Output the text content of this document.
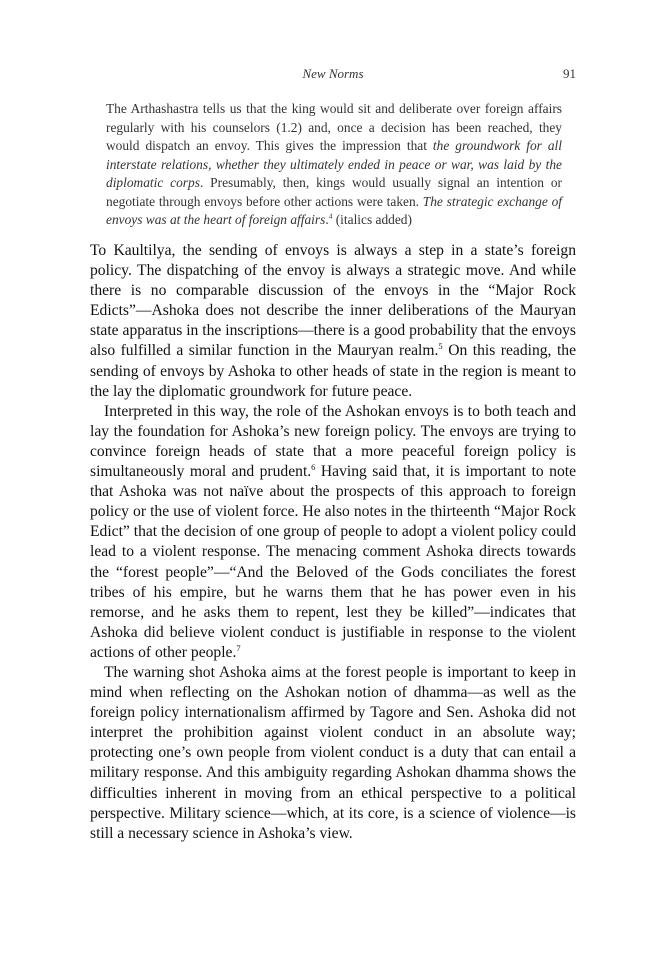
New Norms	91
The Arthashastra tells us that the king would sit and deliberate over foreign affairs regularly with his counselors (1.2) and, once a decision has been reached, they would dispatch an envoy. This gives the impression that the groundwork for all interstate relations, whether they ultimately ended in peace or war, was laid by the diplomatic corps. Presumably, then, kings would usually signal an intention or negotiate through envoys before other actions were taken. The strategic exchange of envoys was at the heart of foreign affairs.$^4$ (italics added)

To Kaultilya, the sending of envoys is always a step in a state’s foreign policy. The dispatching of the envoy is always a strategic move. And while there is no comparable discussion of the envoys in the “Major Rock Edicts”—Ashoka does not describe the inner deliberations of the Mauryan state apparatus in the inscriptions—there is a good probability that the envoys also fulfilled a similar function in the Mauryan realm.$^5$ On this reading, the sending of envoys by Ashoka to other heads of state in the region is meant to the lay the diplomatic groundwork for future peace.

Interpreted in this way, the role of the Ashokan envoys is to both teach and lay the foundation for Ashoka’s new foreign policy. The envoys are trying to convince foreign heads of state that a more peaceful foreign policy is simultaneously moral and prudent.$^6$ Having said that, it is important to note that Ashoka was not naïve about the prospects of this approach to foreign policy or the use of violent force. He also notes in the thirteenth “Major Rock Edict” that the decision of one group of people to adopt a violent policy could lead to a violent response. The menacing comment Ashoka directs towards the “forest people”—“And the Beloved of the Gods conciliates the forest tribes of his empire, but he warns them that he has power even in his remorse, and he asks them to repent, lest they be killed”—indicates that Ashoka did believe violent conduct is justifiable in response to the violent actions of other people.$^7$

The warning shot Ashoka aims at the forest people is important to keep in mind when reflecting on the Ashokan notion of dhamma—as well as the foreign policy internationalism affirmed by Tagore and Sen. Ashoka did not interpret the prohibition against violent conduct in an absolute way; protecting one’s own people from violent conduct is a duty that can entail a military response. And this ambiguity regarding Ashokan dhamma shows the difficulties inherent in moving from an ethical perspective to a political perspective. Military science—which, at its core, is a science of violence—is still a necessary science in Ashoka’s view.
